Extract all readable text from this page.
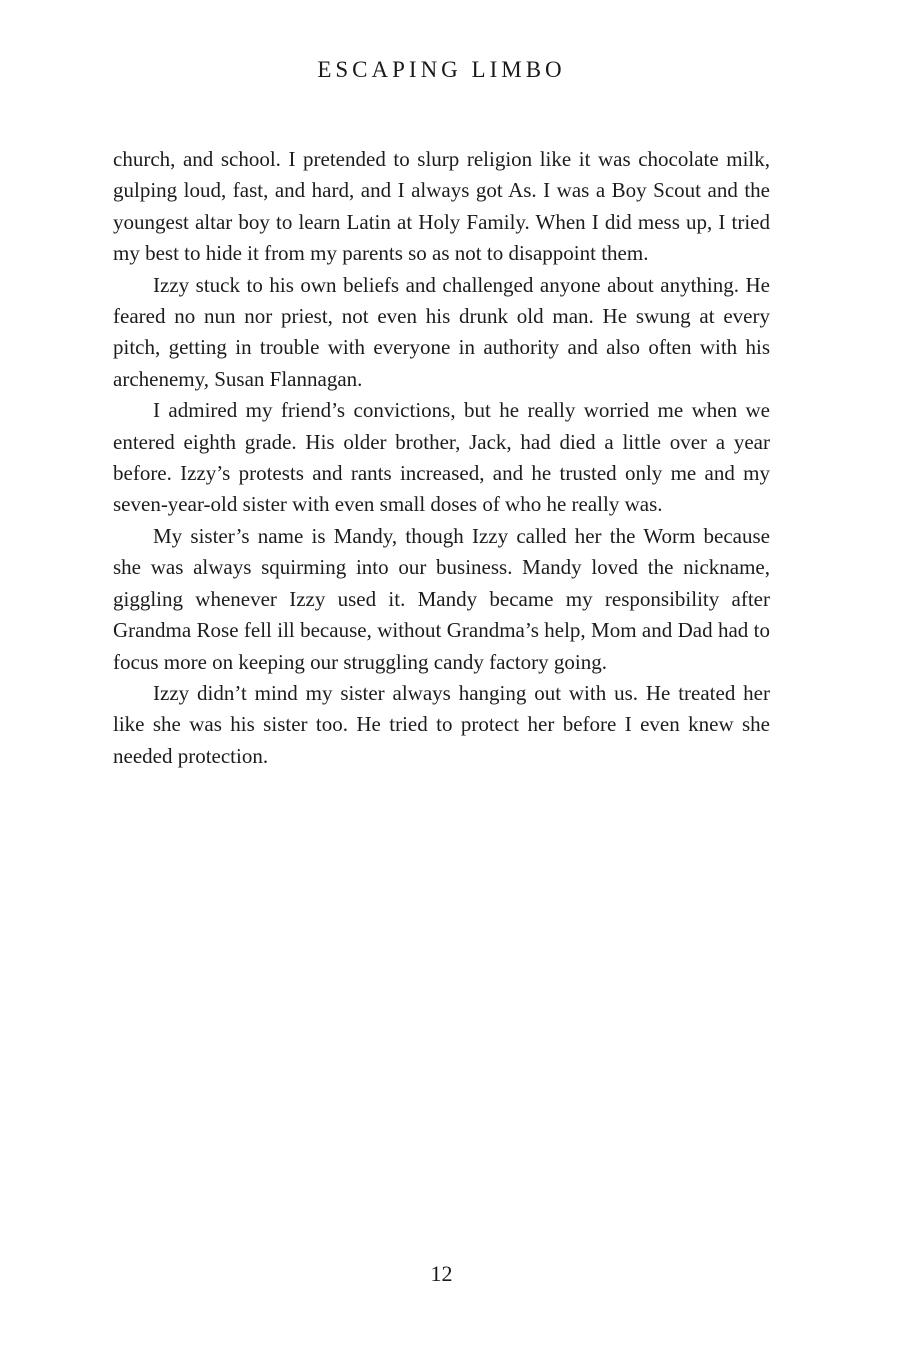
ESCAPING LIMBO

church, and school. I pretended to slurp religion like it was chocolate milk, gulping loud, fast, and hard, and I always got As. I was a Boy Scout and the youngest altar boy to learn Latin at Holy Family. When I did mess up, I tried my best to hide it from my parents so as not to disappoint them.

Izzy stuck to his own beliefs and challenged anyone about anything. He feared no nun nor priest, not even his drunk old man. He swung at every pitch, getting in trouble with everyone in authority and also often with his archenemy, Susan Flannagan.

I admired my friend’s convictions, but he really worried me when we entered eighth grade. His older brother, Jack, had died a little over a year before. Izzy’s protests and rants increased, and he trusted only me and my seven-year-old sister with even small doses of who he really was.

My sister’s name is Mandy, though Izzy called her the Worm because she was always squirming into our business. Mandy loved the nickname, giggling whenever Izzy used it. Mandy became my responsibility after Grandma Rose fell ill because, without Grandma’s help, Mom and Dad had to focus more on keeping our struggling candy factory going.

Izzy didn’t mind my sister always hanging out with us. He treated her like she was his sister too. He tried to protect her before I even knew she needed protection.

12
